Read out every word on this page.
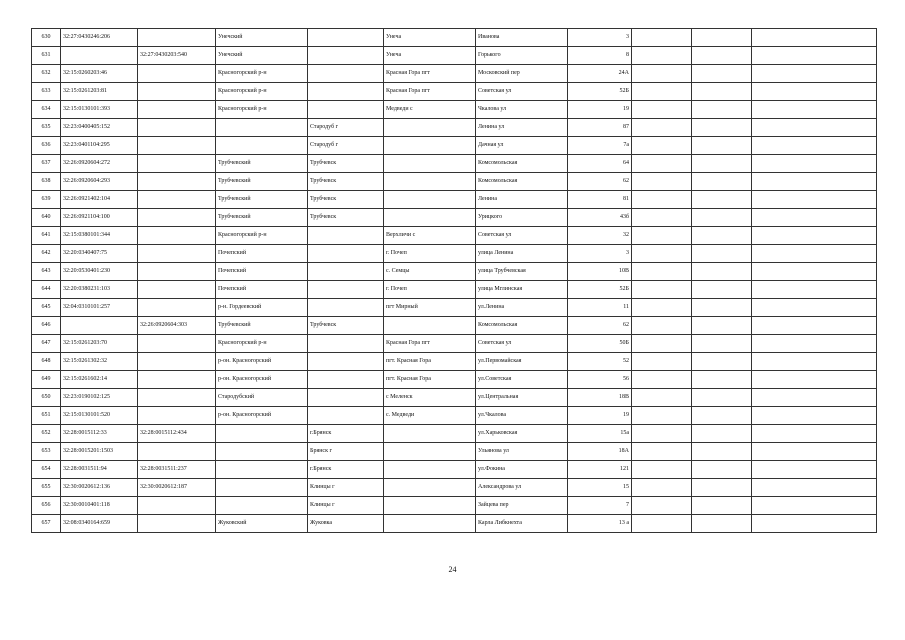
630	32:27:0430246:206		Унечский		Унеча	Иванова	3			
631		32:27:0430203:540	Унечский		Унеча	Горького	8			
632	32:15:0260203:46		Красногорский р-н		Красная Гора пгт	Московский пер	24А			
633	32:15:0261203:81		Красногорский р-н		Красная Гора пгт	Советская ул	52Б			
634	32:15:0130101:393		Красногорский р-н		Медведи с	Чкалова ул	19			
635	32:23:0400405:152			Стародуб г		Ленина ул	87			
636	32:23:0401104:295			Стародуб г		Дачная ул	7а			
637	32:26:0920604:272		Трубчевский	Трубчевск		Комсомольская	64			
638	32:26:0920604:293		Трубчевский	Трубчевск		Комсомольская	62			
639	32:26:0921402:104		Трубчевский	Трубчевск		Ленина	81			
640	32:26:0921104:100		Трубчевский	Трубчевск		Урицкого	43б			
641	32:15:0380101:344		Красногорский р-н		Верхличи с	Советская ул	32			
642	32:20:0340407:75		Почепский		г. Почеп	улица Ленина	3			
643	32:20:0530401:230		Почепский		с. Семцы	улица Трубчевская	10В			
644	32:20:0380231:103		Почепский		г. Почеп	улица Мглинская	52Б			
645	32:04:0310101:257		р-н. Гордеевский		пгт Мирный	ул.Ленина	11			
646		32:26:0920604:303	Трубчевский	Трубчевск		Комсомольская	62			
647	32:15:0261203:70		Красногорский р-н		Красная Гора пгт	Советская ул	50Б			
648	32:15:0261302:32		р-он. Красногорский		пгт. Красная Гора	ул.Первомайская	52			
649	32:15:0261602:14		р-он. Красногорский		пгт. Красная Гора	ул.Советская	56			
650	32:23:0190102:125		Стародубский		с Меленск	ул.Центральная	18В			
651	32:15:0130101:520		р-он. Красногорский		с. Медведи	ул.Чкалова	19			
652	32:28:0015112:33	32:28:0015112:434		г.Брянск		ул.Харьковская	15а			
653	32:28:0015201:1503			Брянск г		Ульянова ул	18А			
654	32:28:0031511:94	32:28:0031511:237		г.Брянск		ул.Фокина	121			
655	32:30:0020612:136	32:30:0020612:187		Клинцы г		Александрова ул	15			
656	32:30:0010401:118			Клинцы г		Зайцева пер	7			
657	32:08:0340164:659		Жуковский	Жуковка		Карла Либкнехта	13 а			
24
